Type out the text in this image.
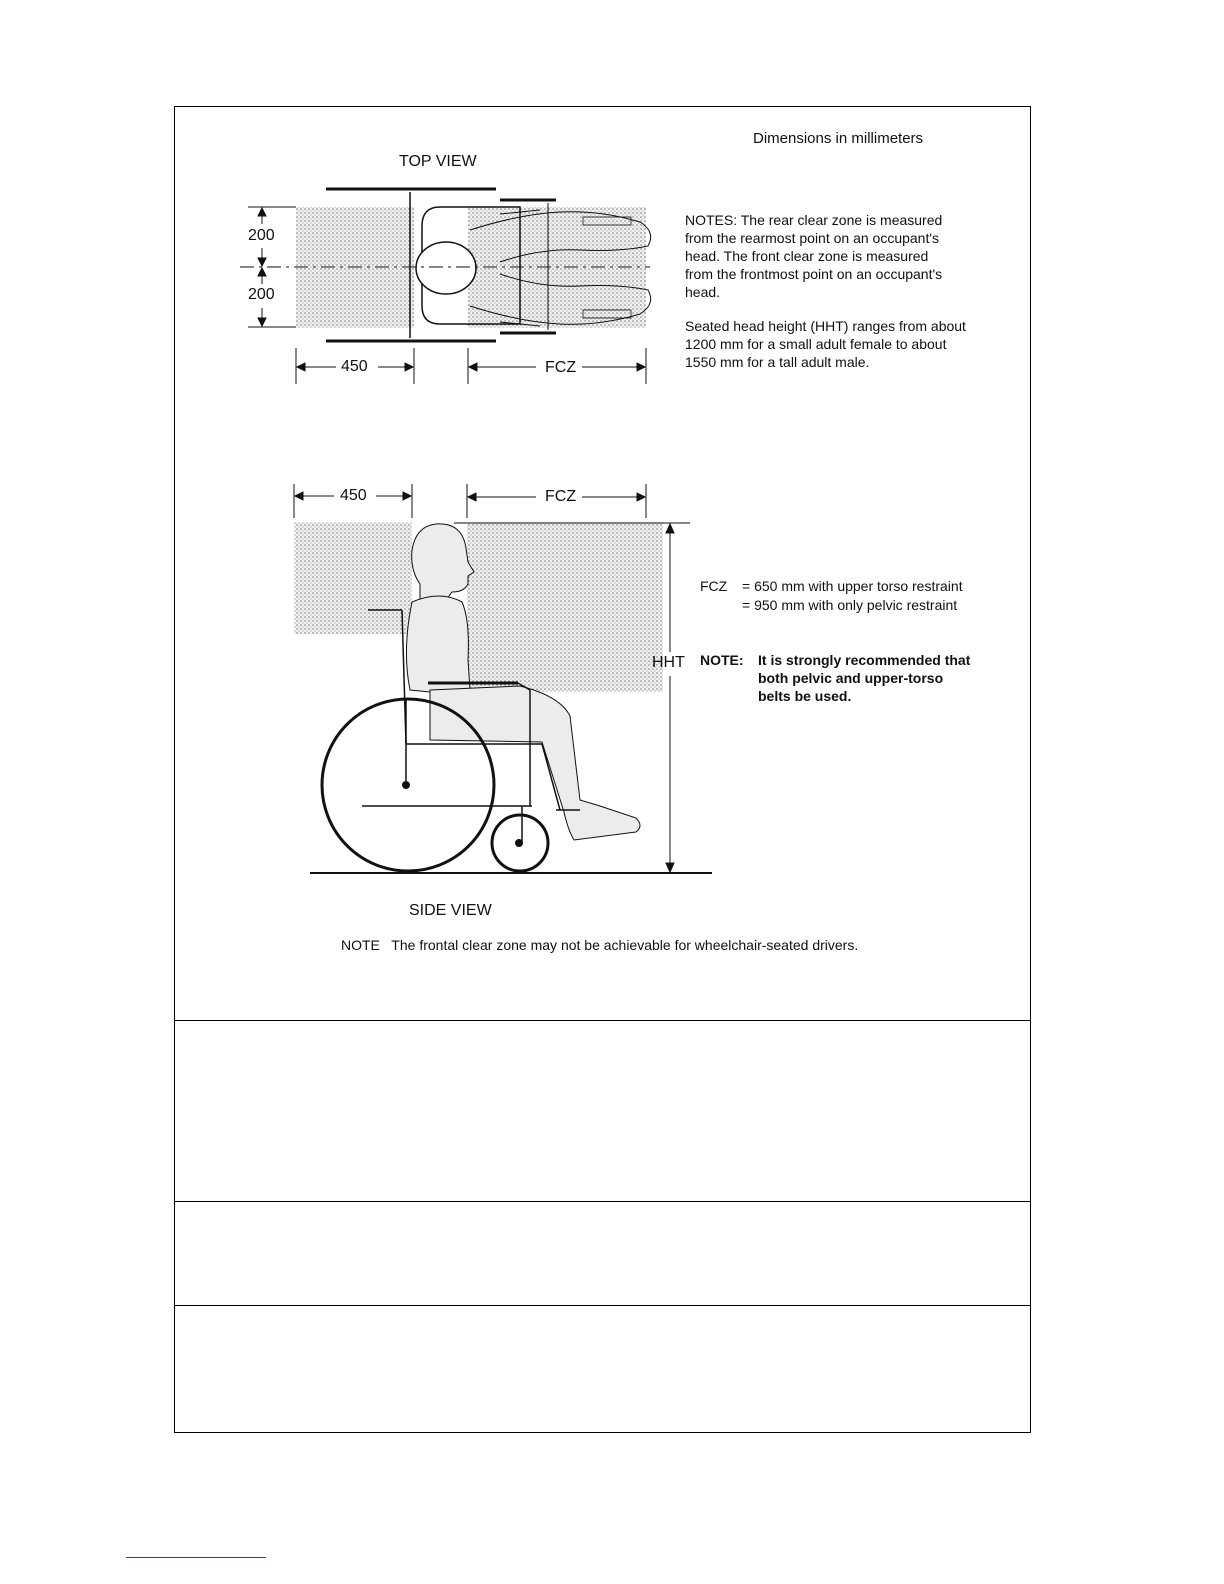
Dimensions in millimeters
TOP VIEW
200
200
450	FCZ
NOTES: The rear clear zone is measured
from the rearmost point on an occupant's
head. The front clear zone is measured
from the frontmost point on an occupant's
head.
Seated head height (HHT) ranges from about
1200 mm for a small adult female to about
1550 mm for a tall adult male.
450	FCZ
HHT
FCZ = 650 mm with upper torso restraint
= 950 mm with only pelvic restraint
NOTE: It is strongly recommended that
both pelvic and upper-torso
belts be used.
SIDE VIEW
NOTE   The frontal clear zone may not be achievable for wheelchair-seated drivers.
